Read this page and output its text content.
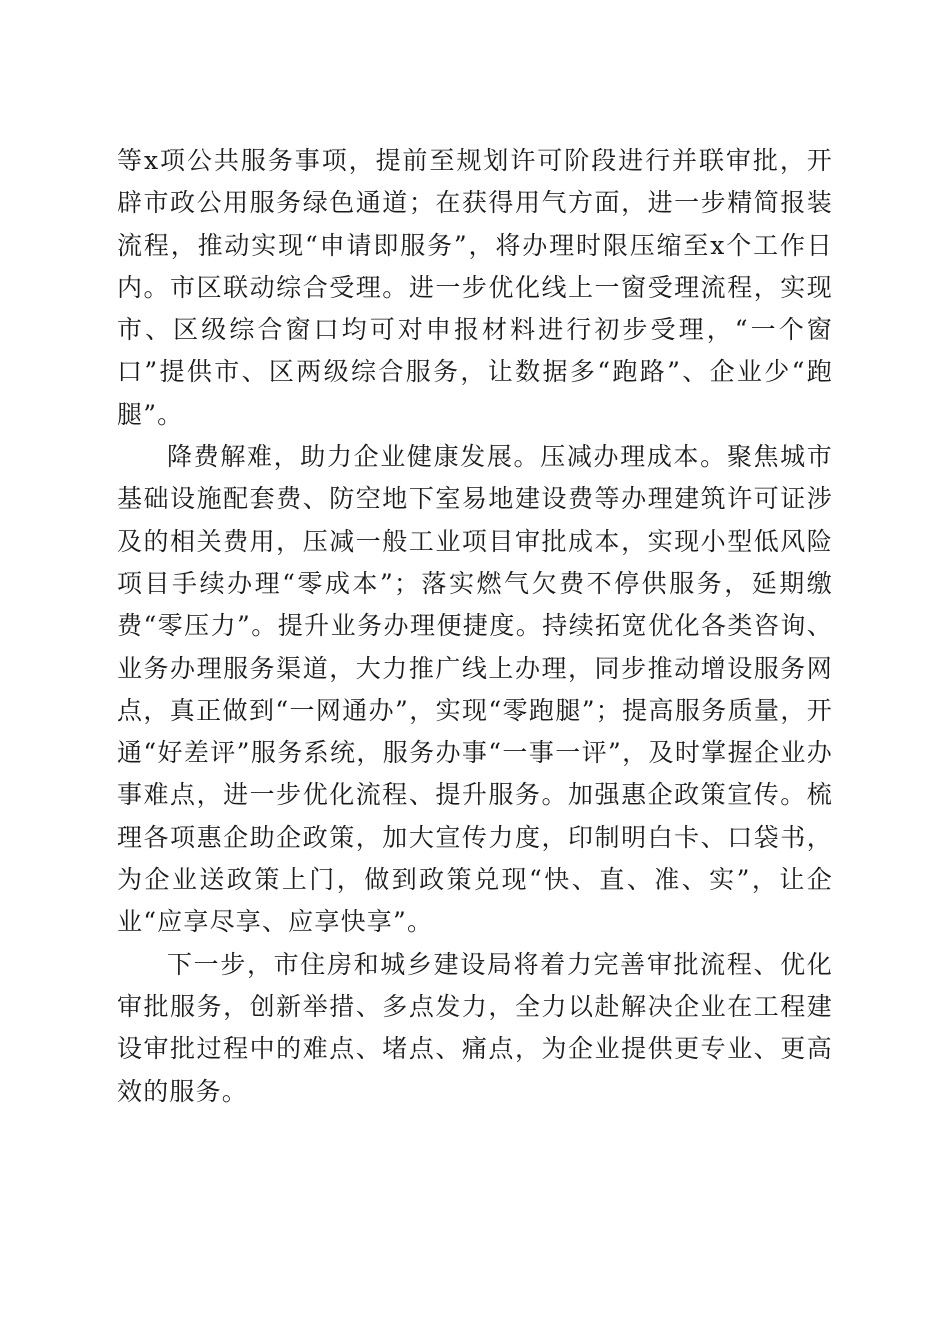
等x项公共服务事项，提前至规划许可阶段进行并联审批，开辟市政公用服务绿色通道；在获得用气方面，进一步精简报装流程，推动实现“申请即服务”，将办理时限压缩至x个工作日内。市区联动综合受理。进一步优化线上一窗受理流程，实现市、区级综合窗口均可对申报材料进行初步受理，“一个窗口”提供市、区两级综合服务，让数据多“跑路”、企业少“跑腿”。

降费解难，助力企业健康发展。压减办理成本。聚焦城市基础设施配套费、防空地下室易地建设费等办理建筑许可证涉及的相关费用，压减一般工业项目审批成本，实现小型低风险项目手续办理“零成本”；落实燃气欠费不停供服务，延期缴费“零压力”。提升业务办理便捷度。持续拓宽优化各类咨询、业务办理服务渠道，大力推广线上办理，同步推动增设服务网点，真正做到“一网通办”，实现“零跑腿”；提高服务质量，开通“好差评”服务系统，服务办事“一事一评”，及时掌握企业办事难点，进一步优化流程、提升服务。加强惠企政策宣传。梳理各项惠企助企政策，加大宣传力度，印制明白卡、口袋书，为企业送政策上门，做到政策兑现“快、直、准、实”，让企业“应享尽享、应享快享”。

下一步，市住房和城乡建设局将着力完善审批流程、优化审批服务，创新举措、多点发力，全力以赴解决企业在工程建设审批过程中的难点、堵点、痛点，为企业提供更专业、更高效的服务。
